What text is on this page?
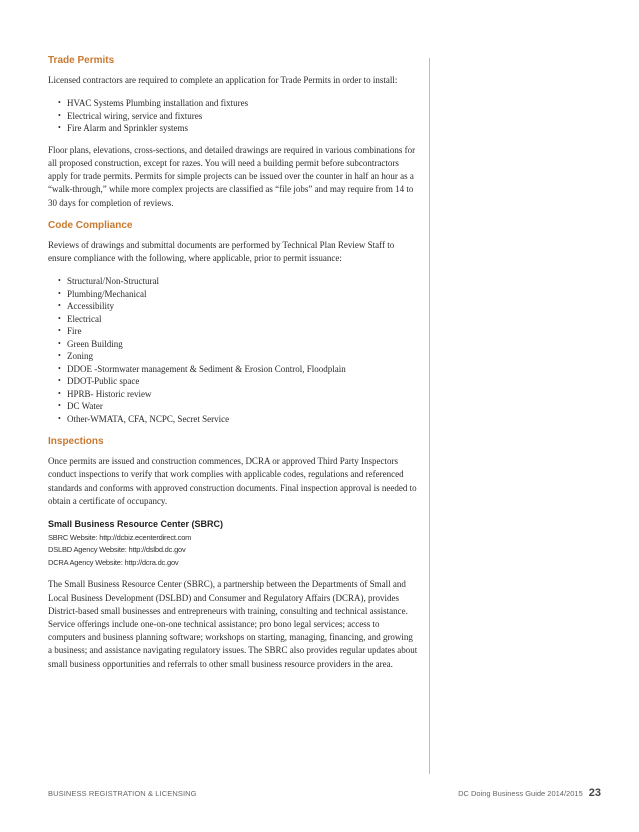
Trade Permits

Licensed contractors are required to complete an application for Trade Permits in order to install:

• HVAC Systems Plumbing installation and fixtures
• Electrical wiring, service and fixtures
• Fire Alarm and Sprinkler systems

Floor plans, elevations, cross-sections, and detailed drawings are required in various combinations for all proposed construction, except for razes. You will need a building permit before subcontractors apply for trade permits. Permits for simple projects can be issued over the counter in half an hour as a “walk-through,” while more complex projects are classified as “file jobs” and may require from 14 to 30 days for completion of reviews.

Code Compliance

Reviews of drawings and submittal documents are performed by Technical Plan Review Staff to ensure compliance with the following, where applicable, prior to permit issuance:

• Structural/Non-Structural
• Plumbing/Mechanical
• Accessibility
• Electrical
• Fire
• Green Building
• Zoning
• DDOE -Stormwater management & Sediment & Erosion Control, Floodplain
• DDOT-Public space
• HPRB- Historic review
• DC Water
• Other-WMATA, CFA, NCPC, Secret Service
Inspections

Once permits are issued and construction commences, DCRA or approved Third Party Inspectors conduct inspections to verify that work complies with applicable codes, regulations and referenced standards and conforms with approved construction documents. Final inspection approval is needed to obtain a certificate of occupancy.

Small Business Resource Center (SBRC)
SBRC Website: http://dcbiz.ecenterdirect.com
DSLBD Agency Website: http://dslbd.dc.gov
DCRA Agency Website: http://dcra.dc.gov

The Small Business Resource Center (SBRC), a partnership between the Departments of Small and Local Business Development (DSLBD) and Consumer and Regulatory Affairs (DCRA), provides District-based small businesses and entrepreneurs with training, consulting and technical assistance. Service offerings include one-on-one technical assistance; pro bono legal services; access to computers and business planning software; workshops on starting, managing, financing, and growing a business; and assistance navigating regulatory issues. The SBRC also provides regular updates about small business opportunities and referrals to other small business resource providers in the area.

BUSINESS REGISTRATION & LICENSING	DC Doing Business Guide 2014/2015 23
